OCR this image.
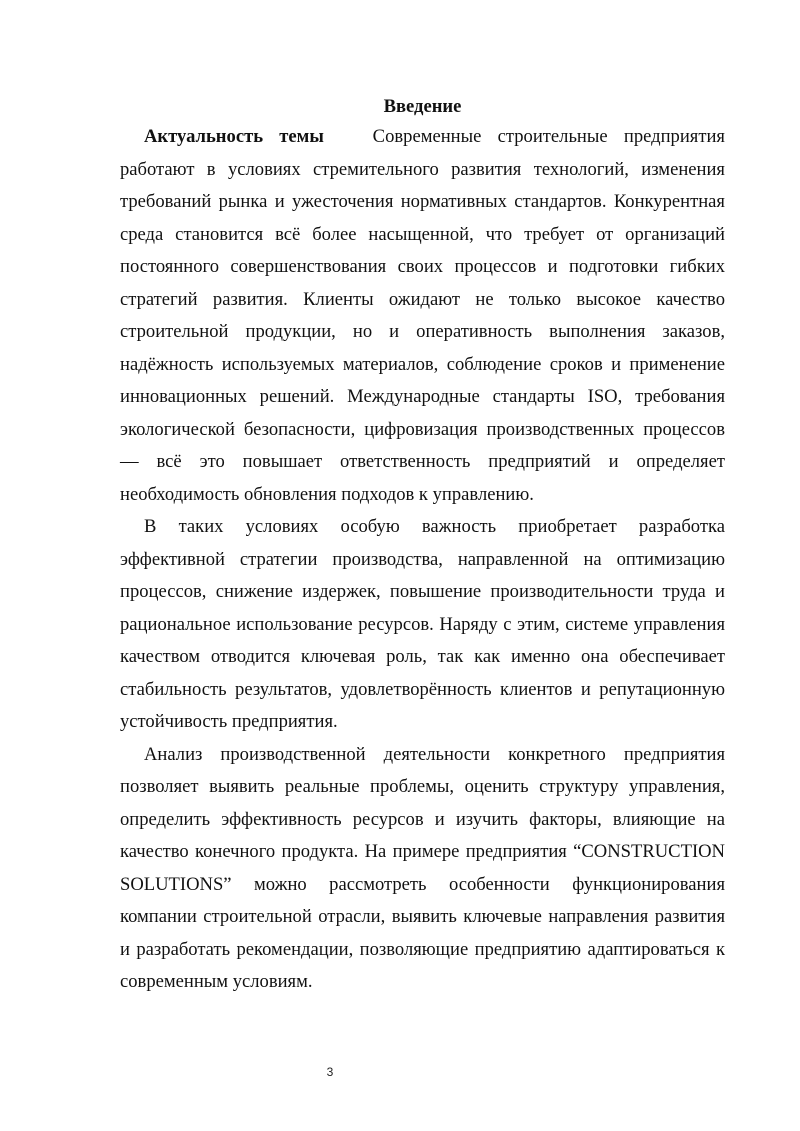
Введение

Актуальность темы	Современные строительные предприятия работают в условиях стремительного развития технологий, изменения требований рынка и ужесточения нормативных стандартов. Конкурентная среда становится всё более насыщенной, что требует от организаций постоянного совершенствования своих процессов и подготовки гибких стратегий развития. Клиенты ожидают не только высокое качество строительной продукции, но и оперативность выполнения заказов, надёжность используемых материалов, соблюдение сроков и применение инновационных решений. Международные стандарты ISO, требования экологической безопасности, цифровизация производственных процессов — всё это повышает ответственность предприятий и определяет необходимость обновления подходов к управлению.

В таких условиях особую важность приобретает разработка эффективной стратегии производства, направленной на оптимизацию процессов, снижение издержек, повышение производительности труда и рациональное использование ресурсов. Наряду с этим, системе управления качеством отводится ключевая роль, так как именно она обеспечивает стабильность результатов, удовлетворённость клиентов и репутационную устойчивость предприятия.

Анализ производственной деятельности конкретного предприятия позволяет выявить реальные проблемы, оценить структуру управления, определить эффективность ресурсов и изучить факторы, влияющие на качество конечного продукта. На примере предприятия “CONSTRUCTION SOLUTIONS” можно рассмотреть особенности функционирования компании строительной отрасли, выявить ключевые направления развития и разработать рекомендации, позволяющие предприятию адаптироваться к современным условиям.

3
